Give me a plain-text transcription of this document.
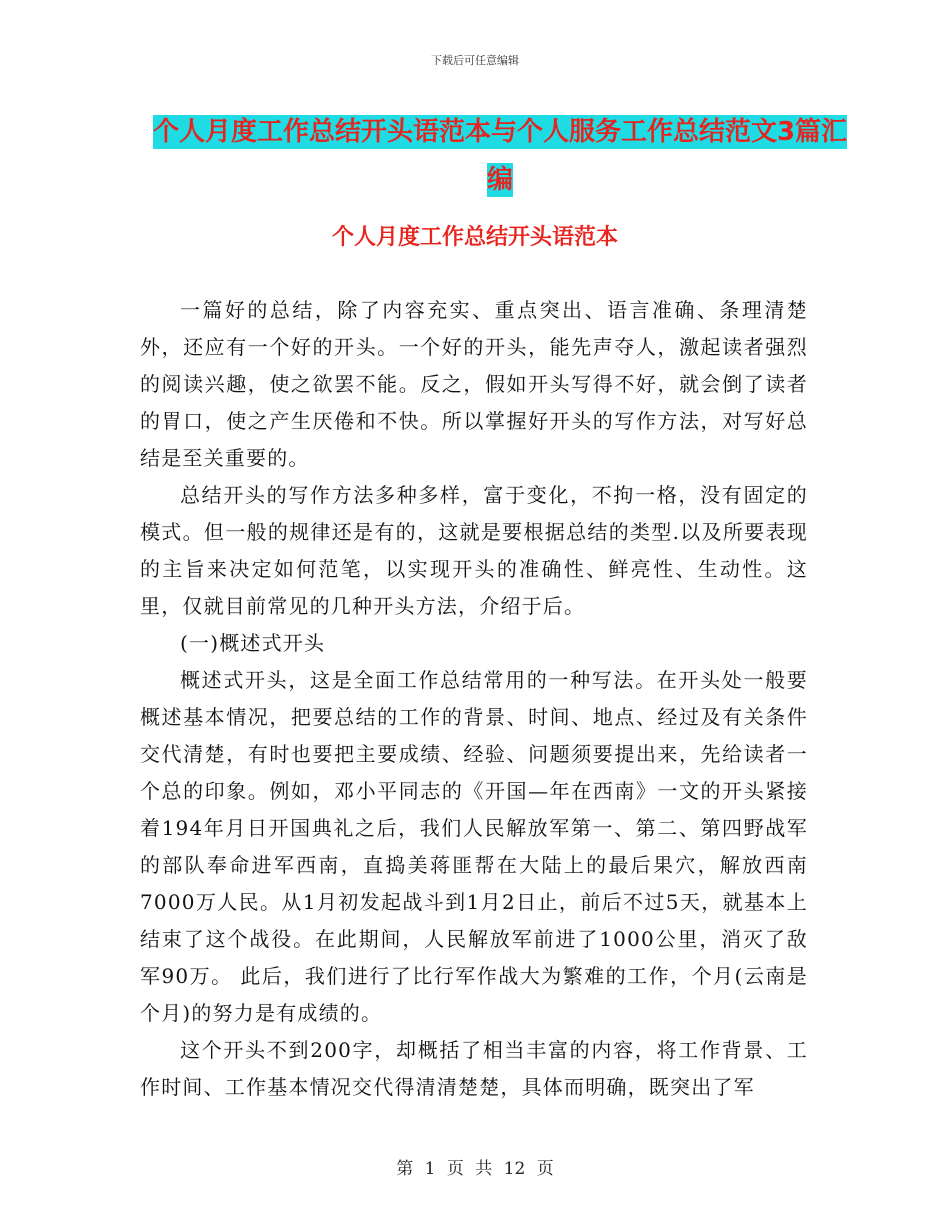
下载后可任意编辑
个人月度工作总结开头语范本与个人服务工作总结范文3篇汇编
个人月度工作总结开头语范本

一篇好的总结，除了内容充实、重点突出、语言准确、条理清楚外，还应有一个好的开头。一个好的开头，能先声夺人，激起读者强烈的阅读兴趣，使之欲罢不能。反之，假如开头写得不好，就会倒了读者的胃口，使之产生厌倦和不快。所以掌握好开头的写作方法，对写好总结是至关重要的。

总结开头的写作方法多种多样，富于变化，不拘一格，没有固定的模式。但一般的规律还是有的，这就是要根据总结的类型.以及所要表现的主旨来决定如何范笔，以实现开头的准确性、鲜亮性、生动性。这里，仅就目前常见的几种开头方法，介绍于后。

(一)概述式开头

概述式开头，这是全面工作总结常用的一种写法。在开头处一般要概述基本情况，把要总结的工作的背景、时间、地点、经过及有关条件交代清楚，有时也要把主要成绩、经验、问题须要提出来，先给读者一个总的印象。例如，邓小平同志的《开国—年在西南》一文的开头紧接着194年月日开国典礼之后，我们人民解放军第一、第二、第四野战军的部队奉命进军西南，直捣美蒋匪帮在大陆上的最后果穴，解放西南7000万人民。从1月初发起战斗到1月2日止，前后不过5天，就基本上结束了这个战役。在此期间，人民解放军前进了1000公里，消灭了敌军90万。 此后，我们进行了比行军作战大为繁难的工作，个月(云南是个月)的努力是有成绩的。

这个开头不到200字，却概括了相当丰富的内容，将工作背景、工作时间、工作基本情况交代得清清楚楚，具体而明确，既突出了军

第 1 页 共 12 页
